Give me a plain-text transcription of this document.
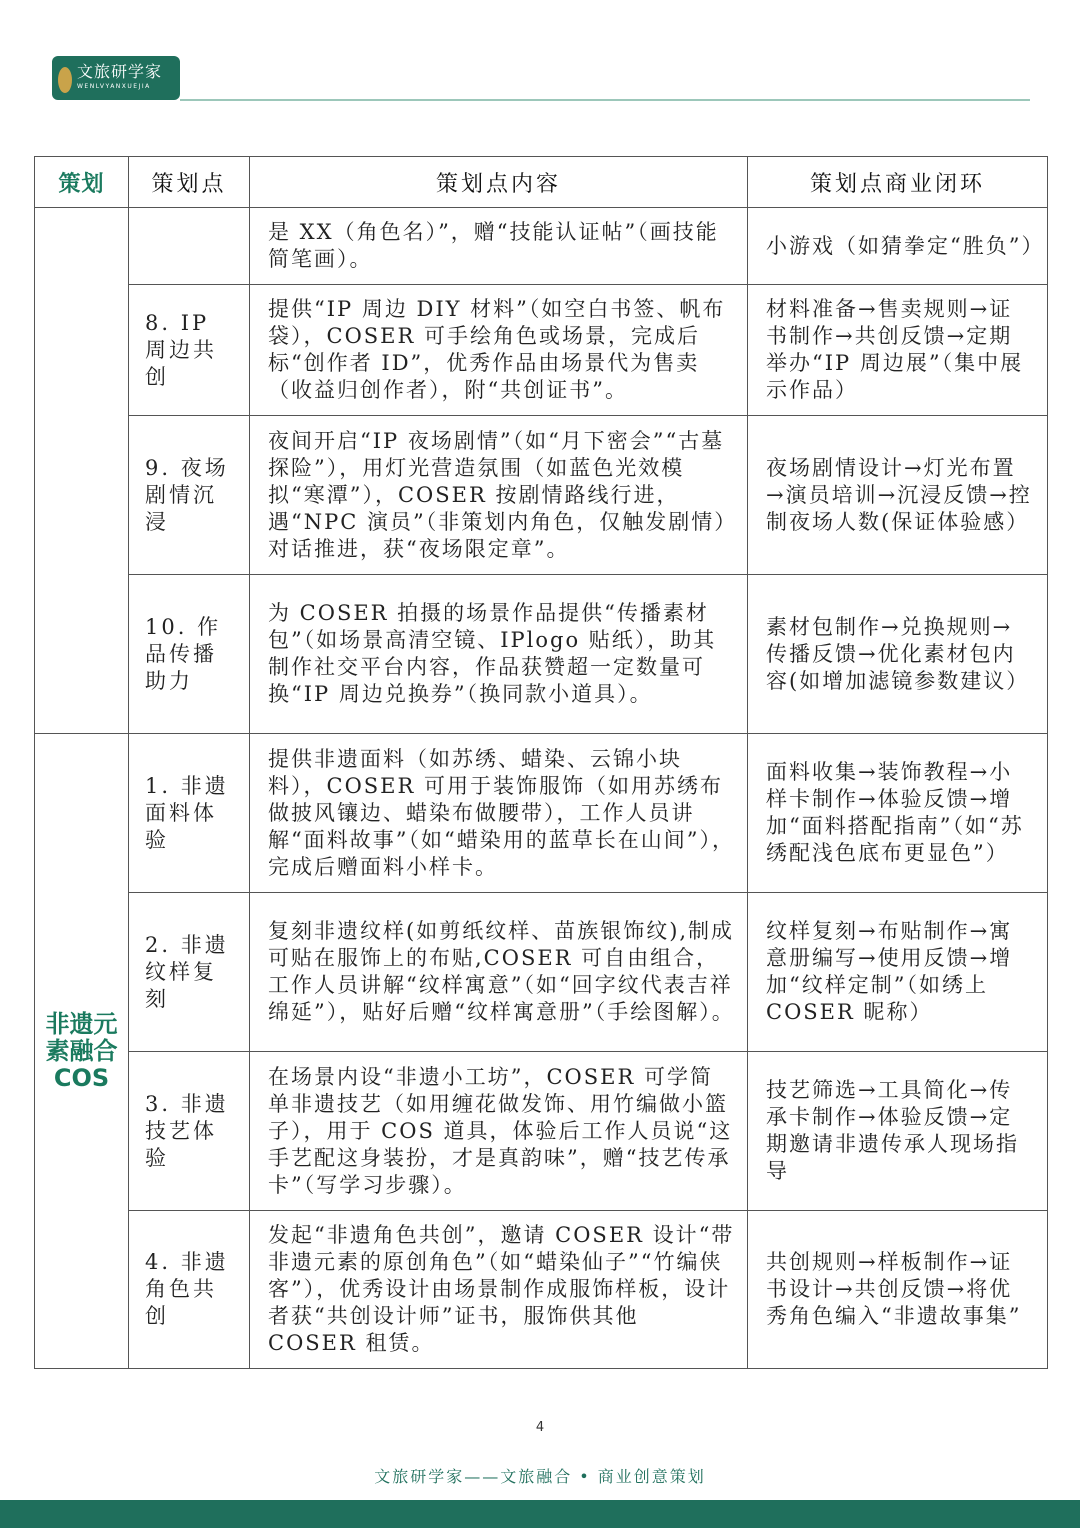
文旅研学家
WENLVYANXUEJIA
策划	策划点	策划点内容	策划点商业闭环
		是 XX（角色名）”，赠“技能认证帖”（画技能简笔画）。	小游戏（如猜拳定“胜负”）
	8. IP 周边共创	提供“IP 周边 DIY 材料”（如空白书签、帆布袋），COSER 可手绘角色或场景，完成后标“创作者 ID”，优秀作品由场景代为售卖（收益归创作者），附“共创证书”。	材料准备→售卖规则→证书制作→共创反馈→定期举办“IP 周边展”（集中展示作品）
	9. 夜场剧情沉浸	夜间开启“IP 夜场剧情”（如“月下密会”“古墓探险”），用灯光营造氛围（如蓝色光效模拟“寒潭”），COSER 按剧情路线行进，遇“NPC 演员”（非策划内角色，仅触发剧情）对话推进，获“夜场限定章”。	夜场剧情设计→灯光布置→演员培训→沉浸反馈→控制夜场人数(保证体验感）
	10. 作品传播助力	为 COSER 拍摄的场景作品提供“传播素材包”（如场景高清空镜、IPlogo 贴纸），助其制作社交平台内容，作品获赞超一定数量可换“IP 周边兑换券”（换同款小道具）。	素材包制作→兑换规则→传播反馈→优化素材包内容(如增加滤镜参数建议）
非遗元素融合COS	1. 非遗面料体验	提供非遗面料（如苏绣、蜡染、云锦小块料），COSER 可用于装饰服饰（如用苏绣布做披风镶边、蜡染布做腰带），工作人员讲解“面料故事”（如“蜡染用的蓝草长在山间”），完成后赠面料小样卡。	面料收集→装饰教程→小样卡制作→体验反馈→增加“面料搭配指南”（如“苏绣配浅色底布更显色”）
	2. 非遗纹样复刻	复刻非遗纹样(如剪纸纹样、苗族银饰纹),制成可贴在服饰上的布贴,COSER 可自由组合，工作人员讲解“纹样寓意”（如“回字纹代表吉祥绵延”），贴好后赠“纹样寓意册”（手绘图解）。	纹样复刻→布贴制作→寓意册编写→使用反馈→增加“纹样定制”（如绣上 COSER 昵称）
	3. 非遗技艺体验	在场景内设“非遗小工坊”，COSER 可学简单非遗技艺（如用缠花做发饰、用竹编做小篮子），用于 COS 道具，体验后工作人员说“这手艺配这身装扮，才是真韵味”，赠“技艺传承卡”（写学习步骤）。	技艺筛选→工具简化→传承卡制作→体验反馈→定期邀请非遗传承人现场指导
	4. 非遗角色共创	发起“非遗角色共创”，邀请 COSER 设计“带非遗元素的原创角色”（如“蜡染仙子”“竹编侠客”），优秀设计由场景制作成服饰样板，设计者获“共创设计师”证书，服饰供其他 COSER 租赁。	共创规则→样板制作→证书设计→共创反馈→将优秀角色编入“非遗故事集”
4
文旅研学家——文旅融合 • 商业创意策划
